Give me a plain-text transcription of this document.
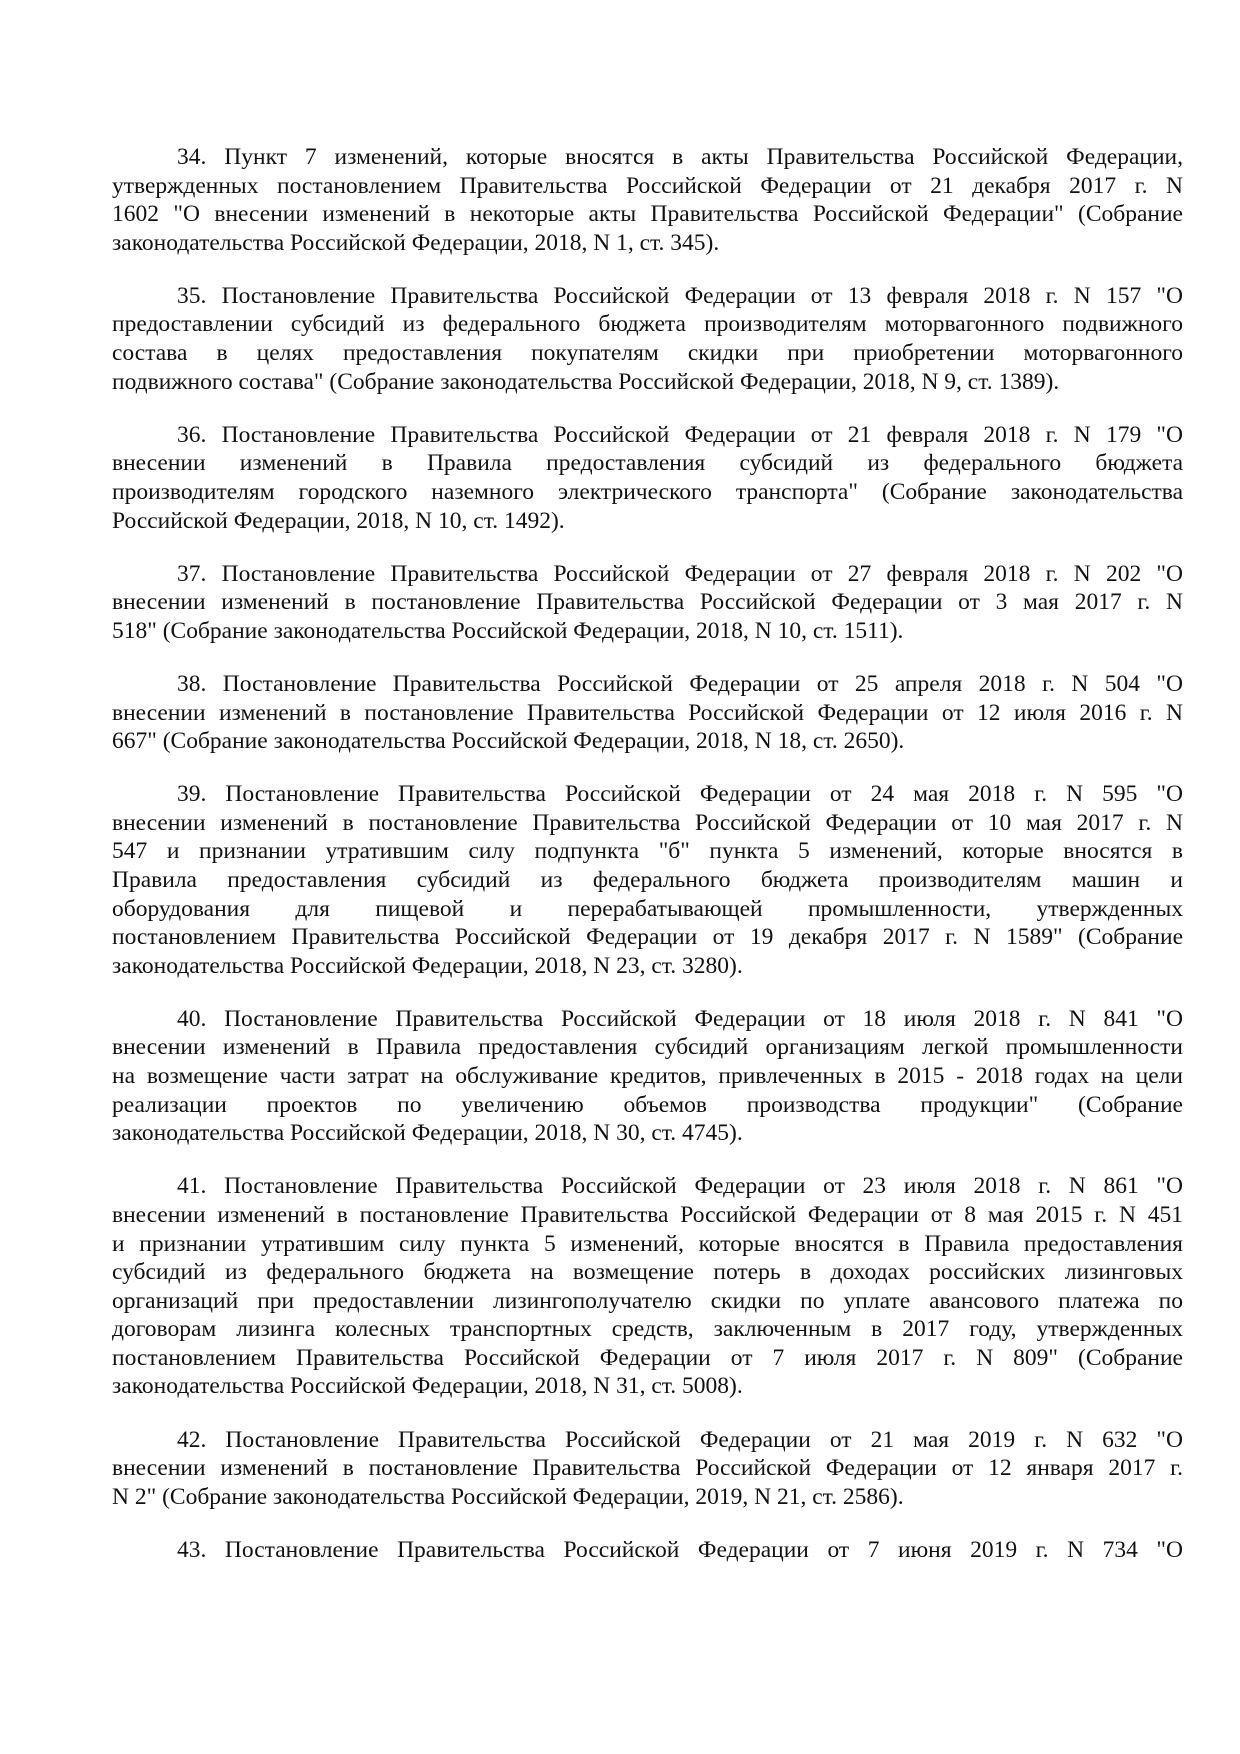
34. Пункт 7 изменений, которые вносятся в акты Правительства Российской Федерации,
утвержденных постановлением Правительства Российской Федерации от 21 декабря 2017 г. N
1602 "О внесении изменений в некоторые акты Правительства Российской Федерации" (Собрание
законодательства Российской Федерации, 2018, N 1, ст. 345).
35. Постановление Правительства Российской Федерации от 13 февраля 2018 г. N 157 "О
предоставлении субсидий из федерального бюджета производителям моторвагонного подвижного
состава в целях предоставления покупателям скидки при приобретении моторвагонного
подвижного состава" (Собрание законодательства Российской Федерации, 2018, N 9, ст. 1389).
36. Постановление Правительства Российской Федерации от 21 февраля 2018 г. N 179 "О
внесении изменений в Правила предоставления субсидий из федерального бюджета
производителям городского наземного электрического транспорта" (Собрание законодательства
Российской Федерации, 2018, N 10, ст. 1492).
37. Постановление Правительства Российской Федерации от 27 февраля 2018 г. N 202 "О
внесении изменений в постановление Правительства Российской Федерации от 3 мая 2017 г. N
518" (Собрание законодательства Российской Федерации, 2018, N 10, ст. 1511).
38. Постановление Правительства Российской Федерации от 25 апреля 2018 г. N 504 "О
внесении изменений в постановление Правительства Российской Федерации от 12 июля 2016 г. N
667" (Собрание законодательства Российской Федерации, 2018, N 18, ст. 2650).
39. Постановление Правительства Российской Федерации от 24 мая 2018 г. N 595 "О
внесении изменений в постановление Правительства Российской Федерации от 10 мая 2017 г. N
547 и признании утратившим силу подпункта "б" пункта 5 изменений, которые вносятся в
Правила предоставления субсидий из федерального бюджета производителям машин и
оборудования для пищевой и перерабатывающей промышленности, утвержденных
постановлением Правительства Российской Федерации от 19 декабря 2017 г. N 1589" (Собрание
законодательства Российской Федерации, 2018, N 23, ст. 3280).
40. Постановление Правительства Российской Федерации от 18 июля 2018 г. N 841 "О
внесении изменений в Правила предоставления субсидий организациям легкой промышленности
на возмещение части затрат на обслуживание кредитов, привлеченных в 2015 - 2018 годах на цели
реализации проектов по увеличению объемов производства продукции" (Собрание
законодательства Российской Федерации, 2018, N 30, ст. 4745).
41. Постановление Правительства Российской Федерации от 23 июля 2018 г. N 861 "О
внесении изменений в постановление Правительства Российской Федерации от 8 мая 2015 г. N 451
и признании утратившим силу пункта 5 изменений, которые вносятся в Правила предоставления
субсидий из федерального бюджета на возмещение потерь в доходах российских лизинговых
организаций при предоставлении лизингополучателю скидки по уплате авансового платежа по
договорам лизинга колесных транспортных средств, заключенным в 2017 году, утвержденных
постановлением Правительства Российской Федерации от 7 июля 2017 г. N 809" (Собрание
законодательства Российской Федерации, 2018, N 31, ст. 5008).
42. Постановление Правительства Российской Федерации от 21 мая 2019 г. N 632 "О
внесении изменений в постановление Правительства Российской Федерации от 12 января 2017 г.
N 2" (Собрание законодательства Российской Федерации, 2019, N 21, ст. 2586).
43. Постановление Правительства Российской Федерации от 7 июня 2019 г. N 734 "О
